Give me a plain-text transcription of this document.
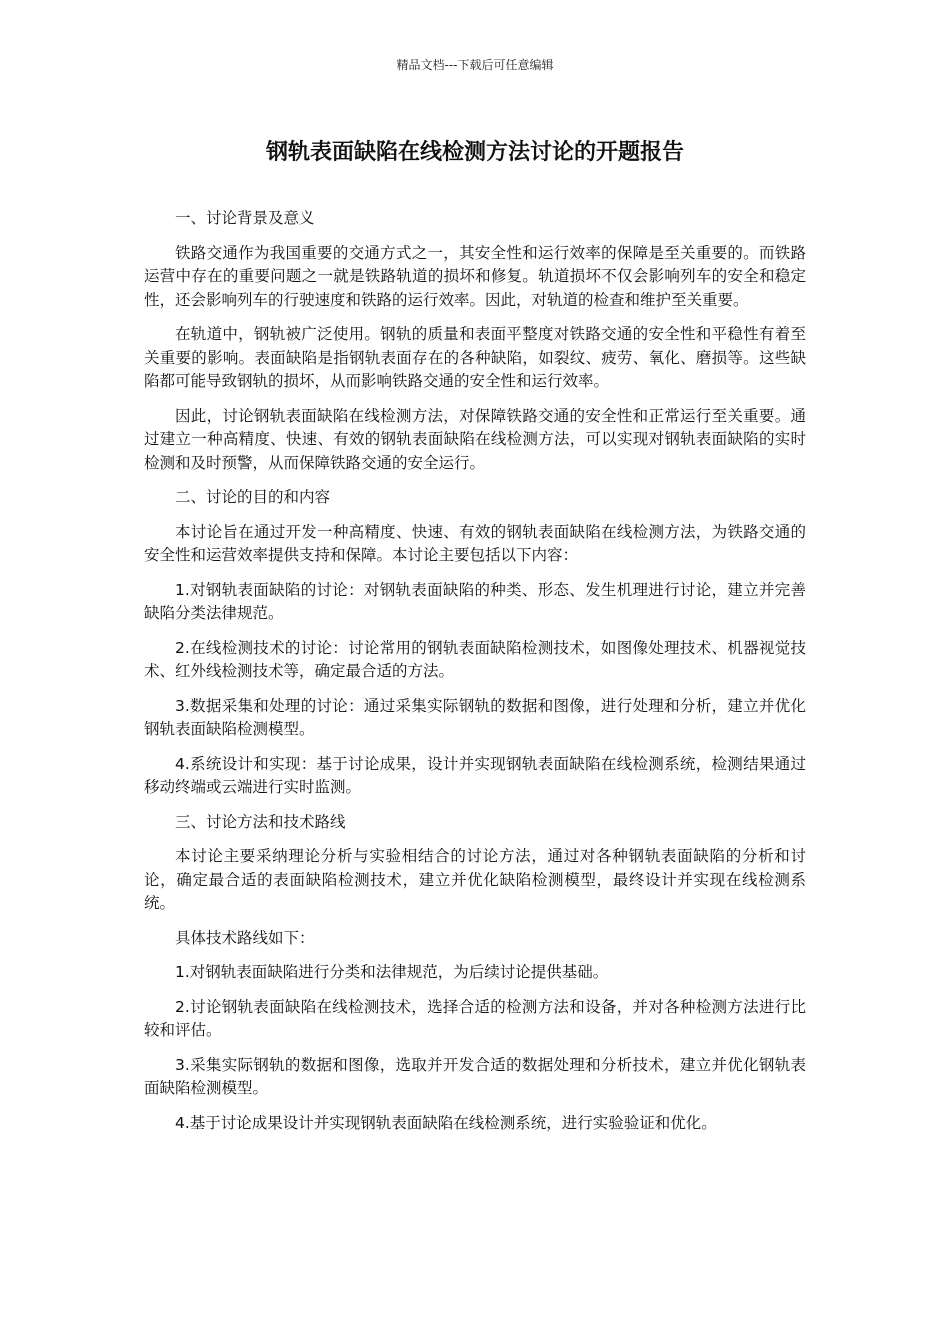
精品文档---下载后可任意编辑
钢轨表面缺陷在线检测方法讨论的开题报告

一、讨论背景及意义

铁路交通作为我国重要的交通方式之一，其安全性和运行效率的保障是至关重要的。而铁路运营中存在的重要问题之一就是铁路轨道的损坏和修复。轨道损坏不仅会影响列车的安全和稳定性，还会影响列车的行驶速度和铁路的运行效率。因此，对轨道的检查和维护至关重要。

在轨道中，钢轨被广泛使用。钢轨的质量和表面平整度对铁路交通的安全性和平稳性有着至关重要的影响。表面缺陷是指钢轨表面存在的各种缺陷，如裂纹、疲劳、氧化、磨损等。这些缺陷都可能导致钢轨的损坏，从而影响铁路交通的安全性和运行效率。

因此，讨论钢轨表面缺陷在线检测方法，对保障铁路交通的安全性和正常运行至关重要。通过建立一种高精度、快速、有效的钢轨表面缺陷在线检测方法，可以实现对钢轨表面缺陷的实时检测和及时预警，从而保障铁路交通的安全运行。

二、讨论的目的和内容

本讨论旨在通过开发一种高精度、快速、有效的钢轨表面缺陷在线检测方法，为铁路交通的安全性和运营效率提供支持和保障。本讨论主要包括以下内容：

1.对钢轨表面缺陷的讨论：对钢轨表面缺陷的种类、形态、发生机理进行讨论，建立并完善缺陷分类法律规范。

2.在线检测技术的讨论：讨论常用的钢轨表面缺陷检测技术，如图像处理技术、机器视觉技术、红外线检测技术等，确定最合适的方法。

3.数据采集和处理的讨论：通过采集实际钢轨的数据和图像，进行处理和分析，建立并优化钢轨表面缺陷检测模型。

4.系统设计和实现：基于讨论成果，设计并实现钢轨表面缺陷在线检测系统，检测结果通过移动终端或云端进行实时监测。

三、讨论方法和技术路线

本讨论主要采纳理论分析与实验相结合的讨论方法，通过对各种钢轨表面缺陷的分析和讨论，确定最合适的表面缺陷检测技术，建立并优化缺陷检测模型，最终设计并实现在线检测系统。

具体技术路线如下：

1.对钢轨表面缺陷进行分类和法律规范，为后续讨论提供基础。

2.讨论钢轨表面缺陷在线检测技术，选择合适的检测方法和设备，并对各种检测方法进行比较和评估。

3.采集实际钢轨的数据和图像，选取并开发合适的数据处理和分析技术，建立并优化钢轨表面缺陷检测模型。

4.基于讨论成果设计并实现钢轨表面缺陷在线检测系统，进行实验验证和优化。
